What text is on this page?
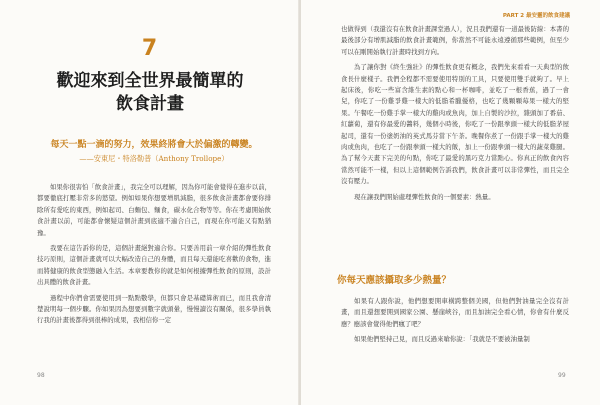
7
歡迎來到全世界最簡單的
飲食計畫
每天一點一滴的努力，效果終將會大於偏激的轉變。
——安東尼・特洛勒普（Anthony Trollope）

如果你很害怕「飲食計畫」，我完全可以理解，因為你可能會覺得在進步以前，都要徹底打壓非常多的慾望。例如如果你想要增肌減脂，很多飲食計畫都會要你排除所有愛吃的東西，例如起司、白麵包、麵食，碳水化合物等等。你在考慮開始飲食計畫以前，可能都會懷疑這個計畫到底適不適合自己，而現在你可能又有點猶豫。

我要在這告訴你的是，這個計畫絕對適合你。只要善用前一章介紹的彈性飲食技巧原則，這個計畫就可以大幅改造自己的身體，而且每天還能吃喜歡的食物，進而將健康的飲食型態融入生活。本章要教你的就是如何根據彈性飲食的原則，設計出具體的飲食計畫。

過程中你們會需要使用到一點點數學，但都只會是基礎算術而已，而且我會清楚說明每一個步驟。你如果因為想要到數字就頭暈，慢慢讀沒有關係，很多學員執行我的計畫後都得到很棒的成果，我相信你一定

98
PART 2 最安靈的飲食建議

也做得到（我還沒有在飲食計畫課堂過人），況且我們還有一道最後防線：本書的最後部分有增肌減脂的飲食計畫範例，你當然不可能永遠遵循那些範例，但至少可以在剛開始執行計畫時找到方向。

為了讓你對《終生強壯》的彈性飲食更有概念，我們先來看看一天典型的飲食長什麼樣子。我們全程都不需要使用特別的工具，只要使用雙手就夠了。早上起床後，你吃一些富含維生素的點心和一杯咖啡，並吃了一根香蕉，過了一會兒，你吃了一份雞爭雞一樣大的低脂希臘優格，也吃了幾顆顆莓果一樣大的堅果。午餐吃一份雞手掌一樣大的雞肉或魚肉，加上自製的沙拉，雜頭加了番茄、紅蘿蔔，還有你最愛的醬料，幾個小時後，你吃了一份跟拳頭一樣大的低脂茅屋起司，還有一份塗奶油的英式馬芬當下午茶。晚餐你煮了一份跟手掌一樣大的雞肉或魚肉，也吃了一份跟拳頭一樣大的飯，加上一份跟拳頭一樣大的蔬菜雞腿。為了幫今天畫下完美的句點，你吃了最愛的黑巧克力當點心。你真正的飲食內容當然可能不一樣，但以上這個範例告訴我們，飲食計畫可以非常彈性，而且完全沒有壓力。

現在讓我們開始處理彈性飲食的一個要素：熱量。

你每天應該攝取多少熱量？

如果有人跟你說，他們想要開車橫跨整個美國，但他們對油量完全沒有計畫，而且還想要開到國家公園、懸崖峽谷，而且加油完全看心情，你會有什麼反應？應該會覺得他們瘋了吧？

如果他們堅持己見，而且反過來嗆你說：「我就是不要被油量制

99
